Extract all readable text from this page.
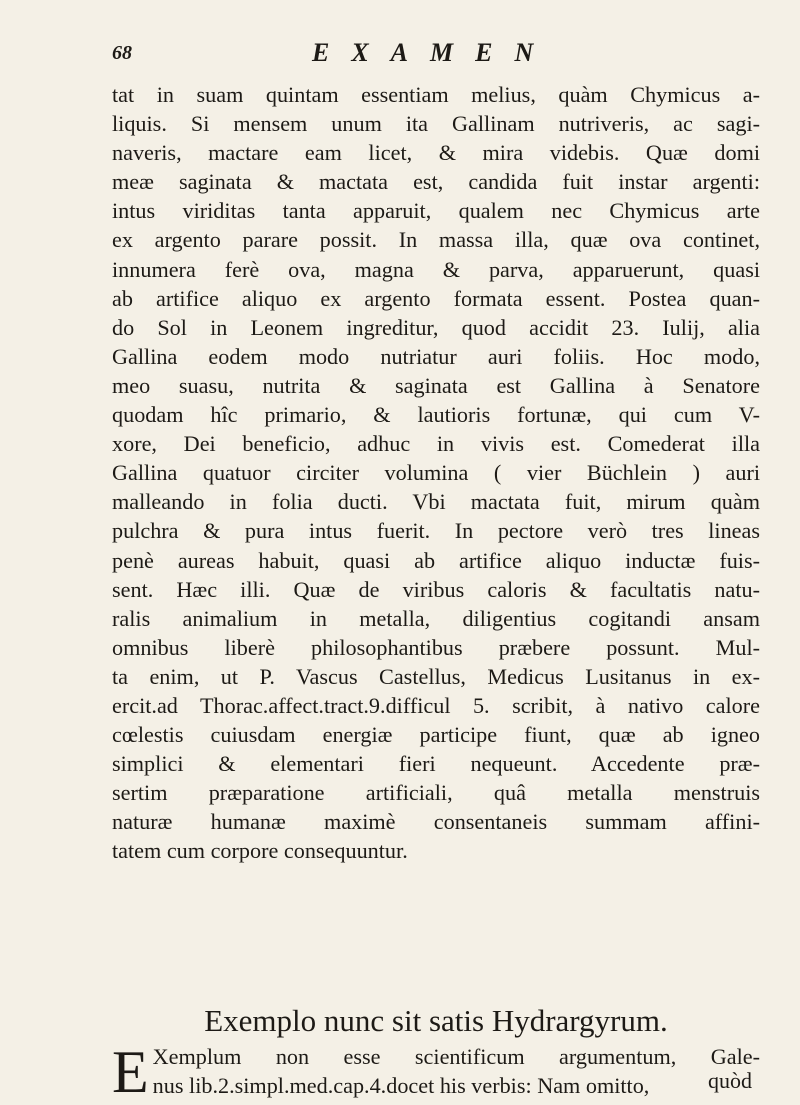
68	EXAMEN
tat in suam quintam essentiam melius, quàm Chymicus a-
liquis. Si mensem unum ita Gallinam nutriveris, ac sagi-
naveris, mactare eam licet, & mira videbis. Quæ domi
meæ saginata & mactata est, candida fuit instar argenti:
intus viriditas tanta apparuit, qualem nec Chymicus arte
ex argento parare possit. In massa illa, quæ ova continet,
innumera ferè ova, magna & parva, apparuerunt, quasi
ab artifice aliquo ex argento formata essent. Postea quan-
do Sol in Leonem ingreditur, quod accidit 23. Iulij, alia
Gallina eodem modo nutriatur auri foliis. Hoc modo,
meo suasu, nutrita & saginata est Gallina à Senatore
quodam hîc primario, & lautioris fortunæ, qui cum V-
xore, Dei beneficio, adhuc in vivis est. Comederat illa
Gallina quatuor circiter volumina ( vier Büchlein ) auri
malleando in folia ducti. Vbi mactata fuit, mirum quàm
pulchra & pura intus fuerit. In pectore verò tres lineas
penè aureas habuit, quasi ab artifice aliquo inductæ fuis-
sent. Hæc illi. Quæ de viribus caloris & facultatis natu-
ralis animalium in metalla, diligentius cogitandi ansam
omnibus liberè philosophantibus præbere possunt. Mul-
ta enim, ut P. Vascus Castellus, Medicus Lusitanus in ex-
ercit.ad Thorac.affect.tract.9.difficul 5. scribit, à nativo calore
cœlestis cuiusdam energiæ participe fiunt, quæ ab igneo
simplici & elementari fieri nequeunt. Accedente præ-
sertim præparatione artificiali, quâ metalla menstruis
naturæ humanæ maximè consentaneis summam affini-
tatem cum corpore consequuntur.
Exemplo nunc sit satis Hydrargyrum.
E Xemplum non esse scientificum argumentum, Gale-
nus lib.2.simpl.med.cap.4.docet his verbis: Nam omitto,	quòd
